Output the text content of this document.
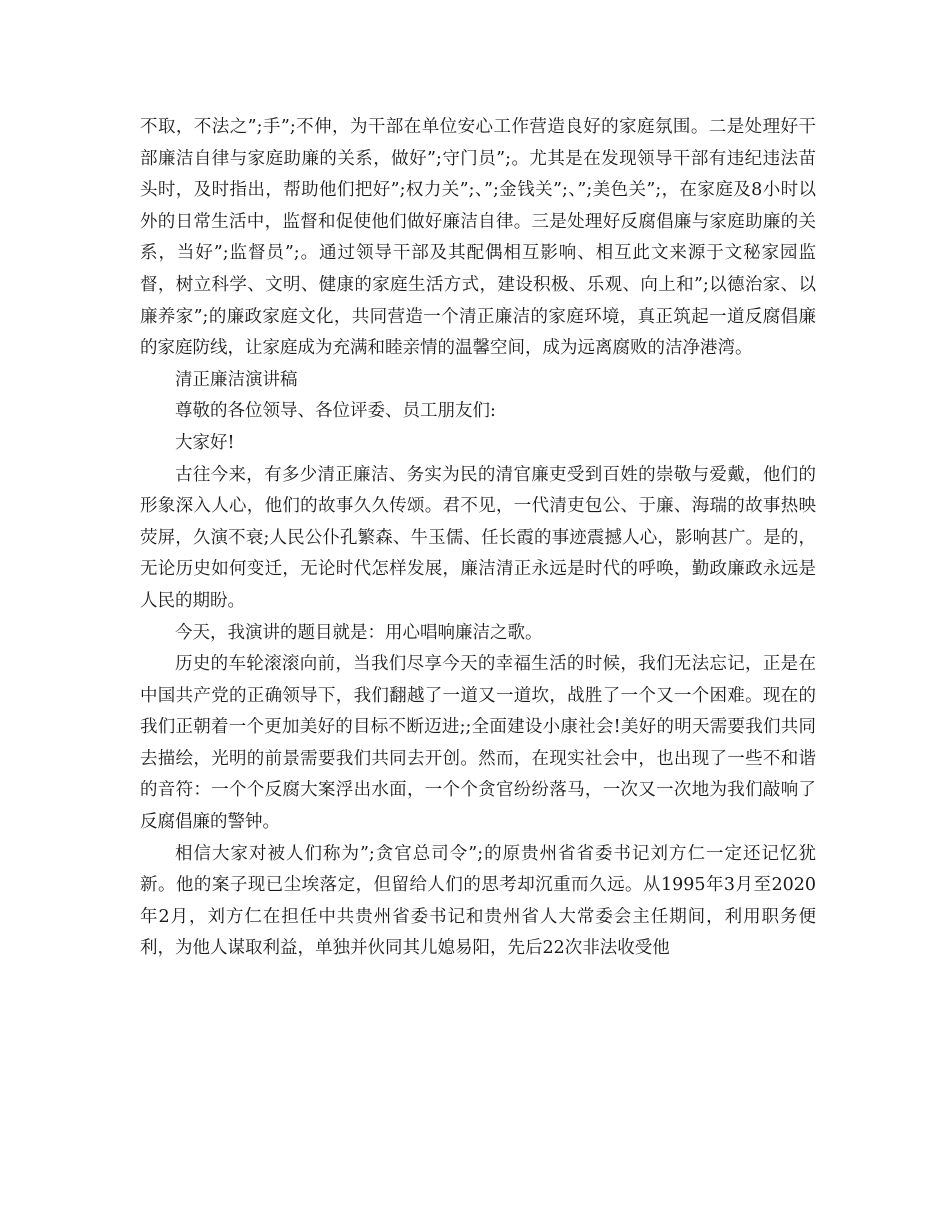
不取，不法之”;手”;不伸，为干部在单位安心工作营造良好的家庭氛围。二是处理好干部廉洁自律与家庭助廉的关系，做好”;守门员”;。尤其是在发现领导干部有违纪违法苗头时，及时指出，帮助他们把好”;权力关”;、”;金钱关”;、”;美色关”;，在家庭及8小时以外的日常生活中，监督和促使他们做好廉洁自律。三是处理好反腐倡廉与家庭助廉的关系，当好”;监督员”;。通过领导干部及其配偶相互影响、相互此文来源于文秘家园监督，树立科学、文明、健康的家庭生活方式，建设积极、乐观、向上和”;以德治家、以廉养家”;的廉政家庭文化，共同营造一个清正廉洁的家庭环境，真正筑起一道反腐倡廉的家庭防线，让家庭成为充满和睦亲情的温馨空间，成为远离腐败的洁净港湾。

清正廉洁演讲稿

尊敬的各位领导、各位评委、员工朋友们:

大家好!

古往今来，有多少清正廉洁、务实为民的清官廉吏受到百姓的崇敬与爱戴，他们的形象深入人心，他们的故事久久传颂。君不见，一代清吏包公、于廉、海瑞的故事热映荧屏，久演不衰;人民公仆孔繁森、牛玉儒、任长霞的事迹震撼人心，影响甚广。是的，无论历史如何变迁，无论时代怎样发展，廉洁清正永远是时代的呼唤，勤政廉政永远是人民的期盼。

今天，我演讲的题目就是：用心唱响廉洁之歌。

历史的车轮滚滚向前，当我们尽享今天的幸福生活的时候，我们无法忘记，正是在中国共产党的正确领导下，我们翻越了一道又一道坎，战胜了一个又一个困难。现在的我们正朝着一个更加美好的目标不断迈进;;全面建设小康社会!美好的明天需要我们共同去描绘，光明的前景需要我们共同去开创。然而，在现实社会中，也出现了一些不和谐的音符：一个个反腐大案浮出水面，一个个贪官纷纷落马，一次又一次地为我们敲响了反腐倡廉的警钟。

相信大家对被人们称为”;贪官总司令”;的原贵州省省委书记刘方仁一定还记忆犹新。他的案子现已尘埃落定，但留给人们的思考却沉重而久远。从1995年3月至2020年2月，刘方仁在担任中共贵州省委书记和贵州省人大常委会主任期间，利用职务便利，为他人谋取利益，单独并伙同其儿媳易阳，先后22次非法收受他
